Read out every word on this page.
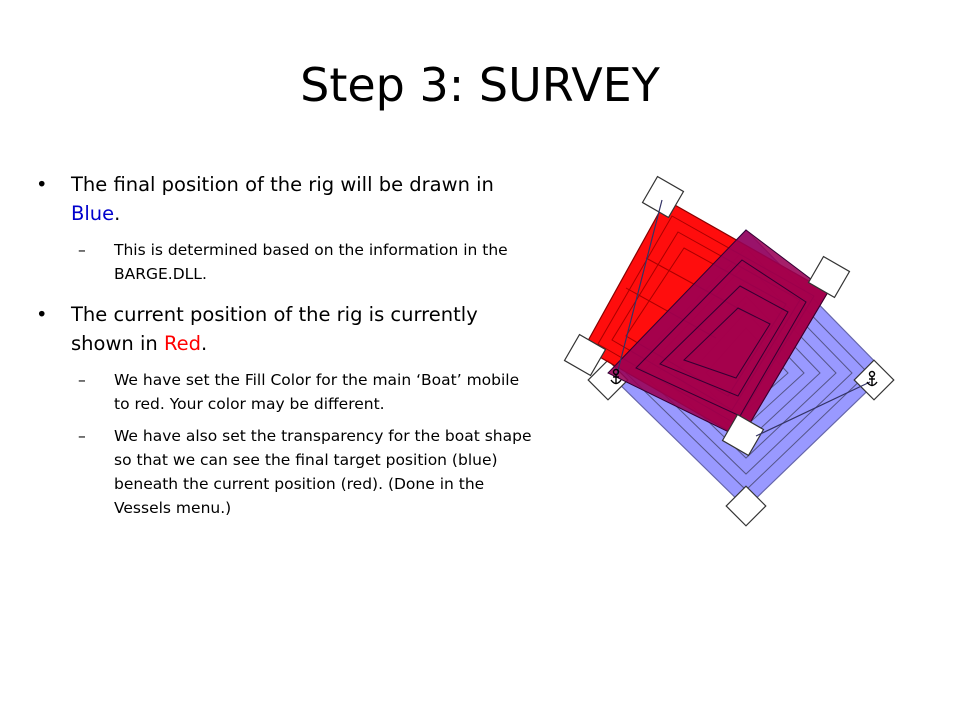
Step 3: SURVEY
• The final position of the rig will be drawn in Blue.
– This is determined based on the information in the BARGE.DLL.
• The current position of the rig is currently shown in Red.
– We have set the Fill Color for the main ‘Boat’ mobile to red. Your color may be different.
– We have also set the transparency for the boat shape so that we can see the final target position (blue) beneath the current position (red). (Done in the Vessels menu.)
